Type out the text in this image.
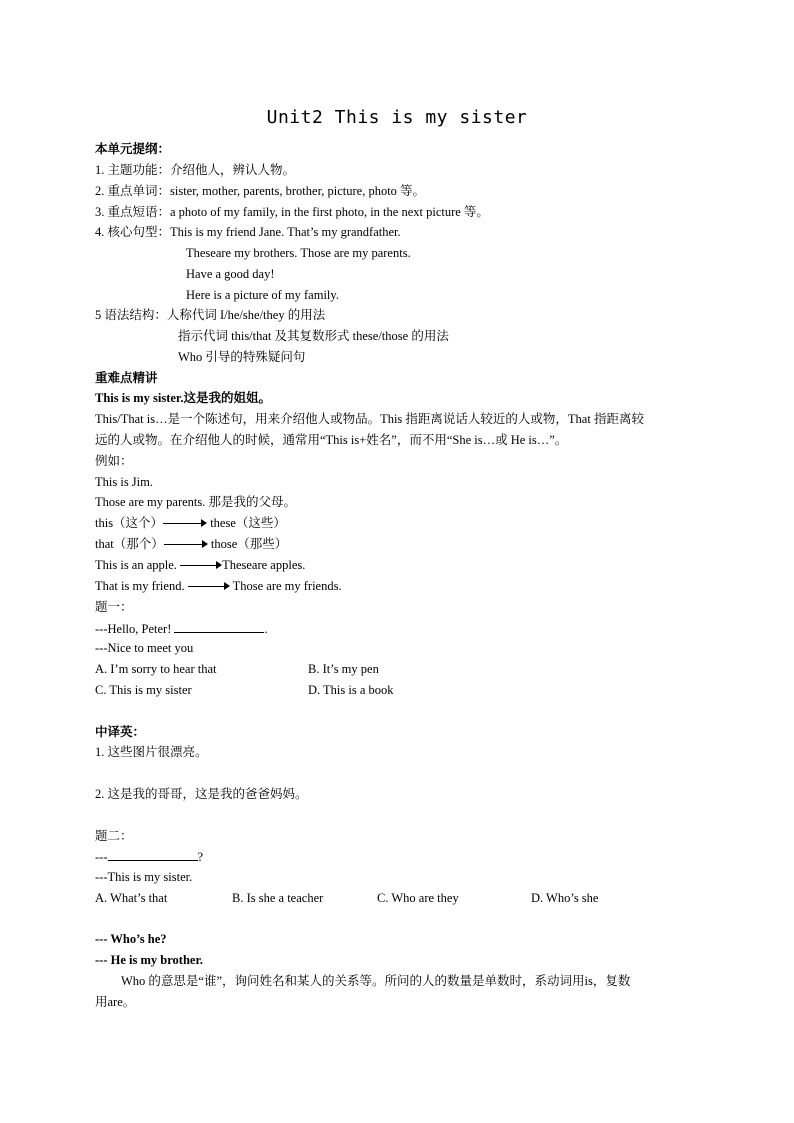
Unit2 This is my sister
本单元提纲：
1. 主题功能：介绍他人，辨认人物。
2. 重点单词：sister, mother, parents, brother, picture, photo 等。
3. 重点短语：a photo of my family, in the first photo, in the next picture 等。
4. 核心句型：This is my friend Jane. That’s my grandfather.
Theseare my brothers. Those are my parents.
Have a good day!
Here is a picture of my family.
5 语法结构：人称代词 I/he/she/they 的用法
指示代词 this/that 及其复数形式 these/those 的用法
Who 引导的特殊疑问句
重难点精讲
This is my sister.这是我的姐姐。
This/That is…是一个陈述句，用来介绍他人或物品。This 指距离说话人较近的人或物，That 指距离较
远的人或物。在介绍他人的时候，通常用“This is+姓名”，而不用“She is…或 He is…”。
例如：
This is Jim.
Those are my parents. 那是我的父母。
this（这个）	these（这些）
that（那个）	those（那些）
This is an apple.	Theseare apples.
That is my friend.	Those are my friends.
题一：
---Hello, Peter!	.
---Nice to meet you
A. I’m sorry to hear that	B. It’s my pen
C. This is my sister	D. This is a book
中译英：
1. 这些图片很漂亮。
2. 这是我的哥哥，这是我的爸爸妈妈。
题二：
---	?
---This is my sister.
A. What’s that	B. Is she a teacher	C. Who are they	D. Who’s she
--- Who’s he?
--- He is my brother.
Who 的意思是“谁”，询问姓名和某人的关系等。所问的人的数量是单数时，系动词用is，复数
用are。
